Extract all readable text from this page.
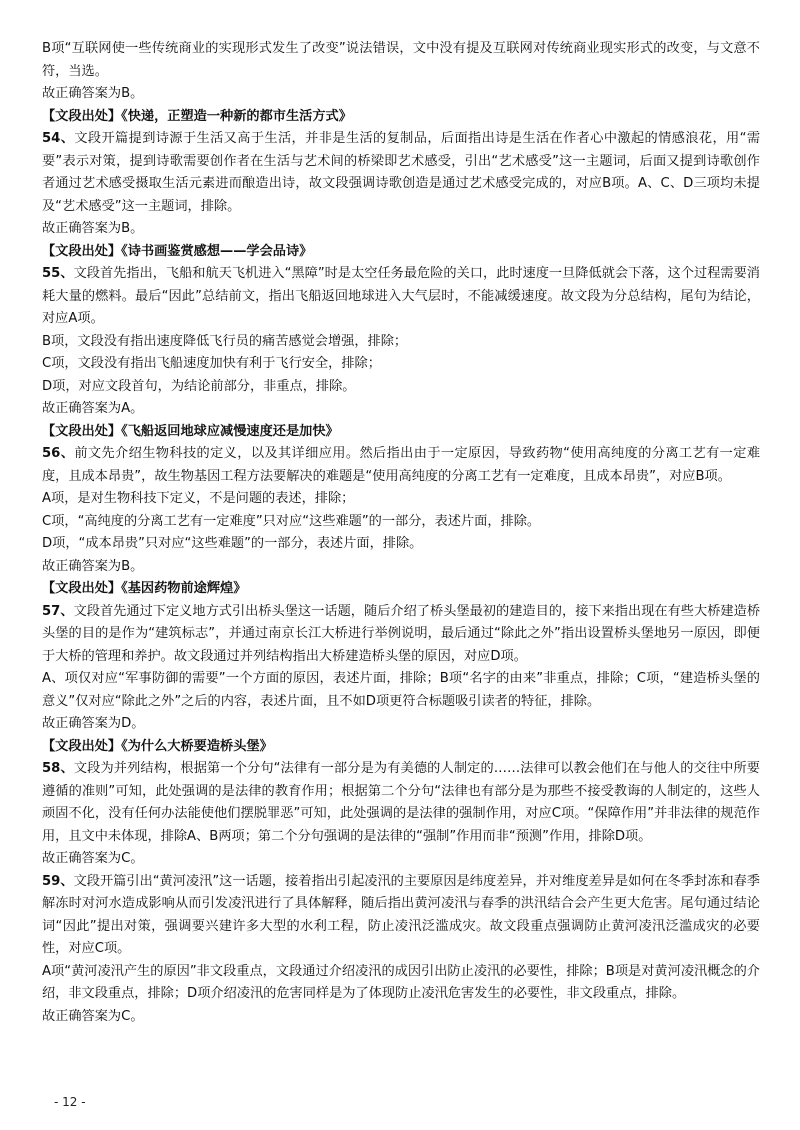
B项“互联网使一些传统商业的实现形式发生了改变”说法错误，文中没有提及互联网对传统商业现实形式的改变，与文意不符，当选。

故正确答案为B。

【文段出处】《快递，正塑造一种新的都市生活方式》

54、文段开篇提到诗源于生活又高于生活，并非是生活的复制品，后面指出诗是生活在作者心中激起的情感浪花，用“需要”表示对策，提到诗歌需要创作者在生活与艺术间的桥梁即艺术感受，引出“艺术感受”这一主题词，后面又提到诗歌创作者通过艺术感受摄取生活元素进而酿造出诗，故文段强调诗歌创造是通过艺术感受完成的，对应B项。A、C、D三项均未提及“艺术感受”这一主题词，排除。

故正确答案为B。

【文段出处】《诗书画鉴赏感想——学会品诗》

55、文段首先指出，飞船和航天飞机进入“黑障”时是太空任务最危险的关口，此时速度一旦降低就会下落，这个过程需要消耗大量的燃料。最后“因此”总结前文，指出飞船返回地球进入大气层时，不能减缓速度。故文段为分总结构，尾句为结论，对应A项。

B项，文段没有指出速度降低飞行员的痛苦感觉会增强，排除；

C项，文段没有指出飞船速度加快有利于飞行安全，排除；

D项，对应文段首句，为结论前部分，非重点，排除。

故正确答案为A。

【文段出处】《飞船返回地球应减慢速度还是加快》

56、前文先介绍生物科技的定义，以及其详细应用。然后指出由于一定原因，导致药物“使用高纯度的分离工艺有一定难度，且成本昂贵”，故生物基因工程方法要解决的难题是“使用高纯度的分离工艺有一定难度，且成本昂贵”，对应B项。

A项，是对生物科技下定义，不是问题的表述，排除；

C项，“高纯度的分离工艺有一定难度”只对应“这些难题”的一部分，表述片面，排除。

D项，“成本昂贵”只对应“这些难题”的一部分，表述片面，排除。

故正确答案为B。

【文段出处】《基因药物前途辉煌》

57、文段首先通过下定义地方式引出桥头堡这一话题，随后介绍了桥头堡最初的建造目的，接下来指出现在有些大桥建造桥头堡的目的是作为“建筑标志”，并通过南京长江大桥进行举例说明，最后通过“除此之外”指出设置桥头堡地另一原因，即便于大桥的管理和养护。故文段通过并列结构指出大桥建造桥头堡的原因，对应D项。

A、项仅对应“军事防御的需要”一个方面的原因，表述片面，排除；B项“名字的由来”非重点，排除；C项，“建造桥头堡的意义”仅对应“除此之外”之后的内容，表述片面，且不如D项更符合标题吸引读者的特征，排除。

故正确答案为D。

【文段出处】《为什么大桥要造桥头堡》

58、文段为并列结构，根据第一个分句“法律有一部分是为有美德的人制定的……法律可以教会他们在与他人的交往中所要遵循的准则”可知，此处强调的是法律的教育作用；根据第二个分句“法律也有部分是为那些不接受教诲的人制定的，这些人顽固不化，没有任何办法能使他们摆脱罪恶”可知，此处强调的是法律的强制作用，对应C项。“保障作用”并非法律的规范作用，且文中未体现，排除A、B两项；第二个分句强调的是法律的“强制”作用而非“预测”作用，排除D项。

故正确答案为C。

59、文段开篇引出“黄河凌汛”这一话题，接着指出引起凌汛的主要原因是纬度差异，并对维度差异是如何在冬季封冻和春季解冻时对河水造成影响从而引发凌汛进行了具体解释，随后指出黄河凌汛与春季的洪汛结合会产生更大危害。尾句通过结论词“因此”提出对策，强调要兴建许多大型的水利工程，防止凌汛泛滥成灾。故文段重点强调防止黄河凌汛泛滥成灾的必要性，对应C项。

A项“黄河凌汛产生的原因”非文段重点，文段通过介绍凌汛的成因引出防止凌汛的必要性，排除；B项是对黄河凌汛概念的介绍，非文段重点，排除；D项介绍凌汛的危害同样是为了体现防止凌汛危害发生的必要性，非文段重点，排除。

故正确答案为C。

- 12 -
